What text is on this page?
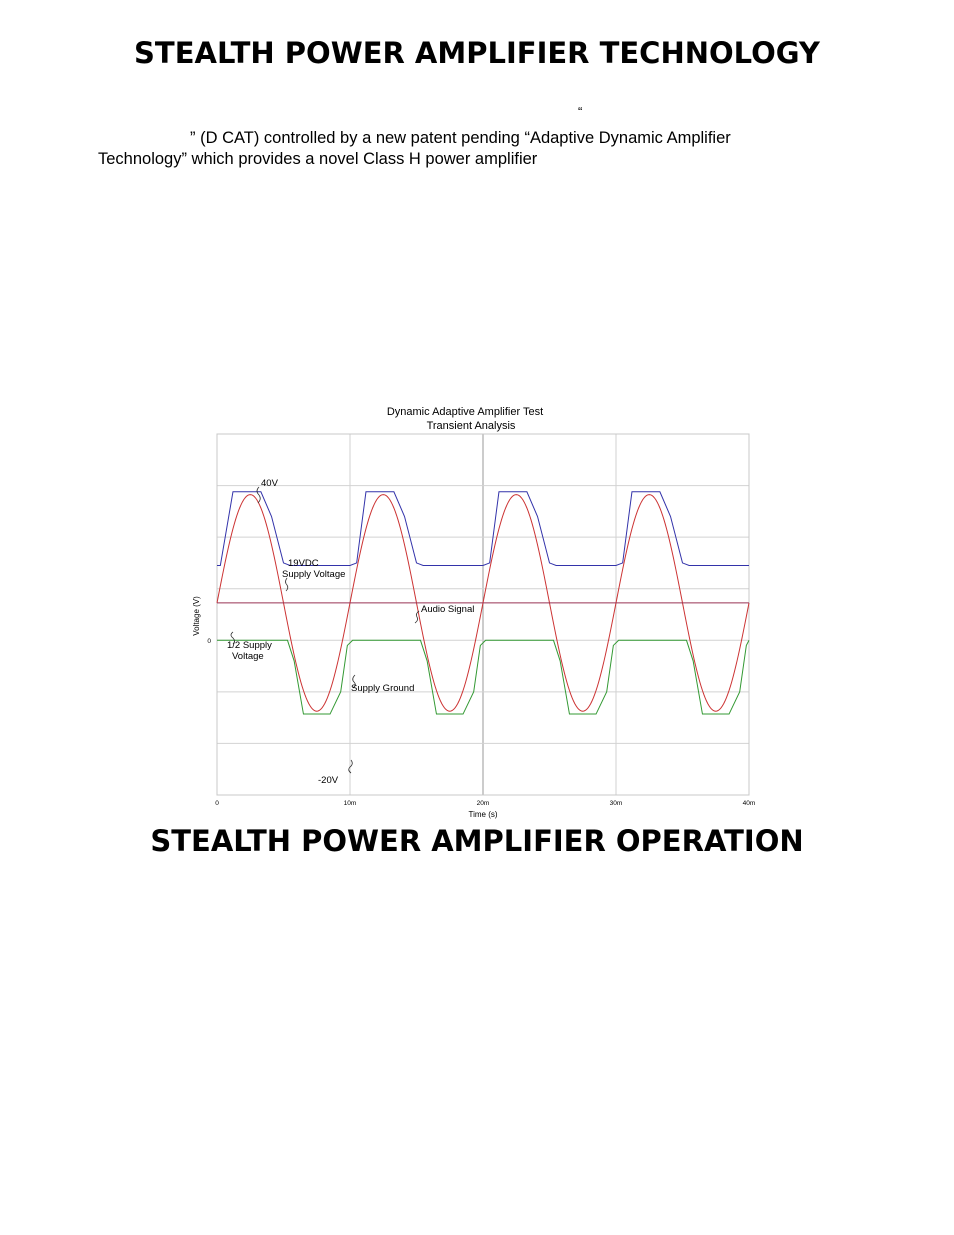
STEALTH POWER AMPLIFIER TECHNOLOGY

“

” (D CAT) controlled by a new patent pending “Adaptive Dynamic Amplifier

Technology” which provides a novel Class H power amplifier

Dynamic Adaptive Amplifier Test
Transient Analysis
Time (s)
Voltage (V)
0	10m	20m	30m	40m
0
40V
19VDC
Supply Voltage
Audio Signal
1/2 Supply
Voltage
Supply Ground
-20V
STEALTH POWER AMPLIFIER OPERATION
